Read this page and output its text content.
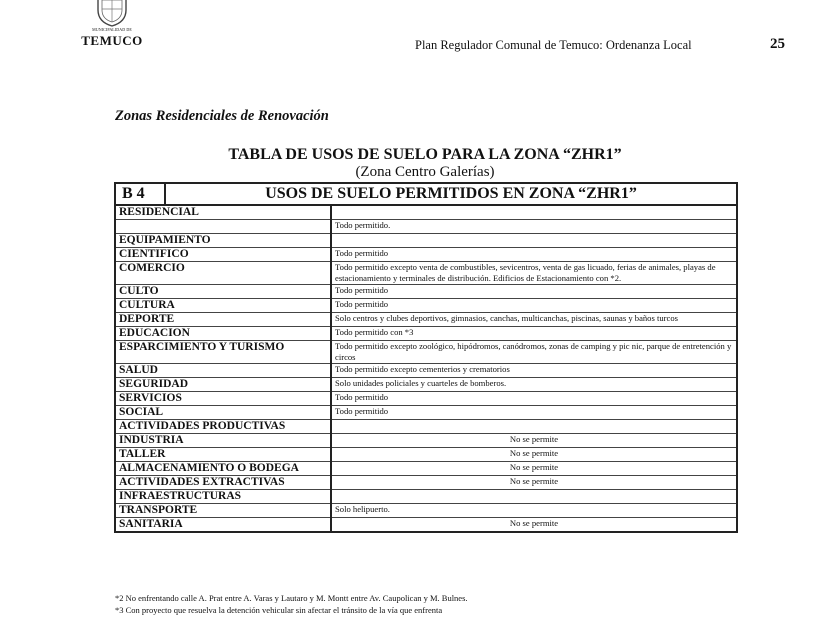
MUNICIPALIDAD DE
TEMUCO	Plan Regulador Comunal de Temuco: Ordenanza Local	25
Zonas Residenciales de Renovación
TABLA DE USOS DE SUELO PARA LA ZONA “ZHR1”
(Zona Centro Galerías)
B 4 USOS DE SUELO PERMITIDOS EN ZONA “ZHR1”	

RESIDENCIAL	
	Todo permitido.
EQUIPAMIENTO	
CIENTIFICO	Todo permitido
COMERCIO	Todo permitido excepto venta de combustibles, sevicentros, venta de gas licuado, ferias de animales, playas de estacionamiento y terminales de distribución. Edificios de Estacionamiento con *2.
CULTO	Todo permitido
CULTURA	Todo permitido
DEPORTE	Solo centros y clubes deportivos, gimnasios, canchas, multicanchas, piscinas, saunas y baños turcos
EDUCACION	Todo permitido con *3
ESPARCIMIENTO Y TURISMO	Todo permitido excepto zoológico, hipódromos, canódromos, zonas de camping y pic nic, parque de entretención y circos
SALUD	Todo permitido excepto cementerios y crematorios
SEGURIDAD	Solo unidades policiales y cuarteles de bomberos.
SERVICIOS	Todo permitido
SOCIAL	Todo permitido
ACTIVIDADES PRODUCTIVAS	
INDUSTRIA	No se permite
TALLER	No se permite
ALMACENAMIENTO O BODEGA	No se permite
ACTIVIDADES EXTRACTIVAS	No se permite
INFRAESTRUCTURAS	
TRANSPORTE	Solo helipuerto.
SANITARIA	No se permite
*2 No enfrentando calle A. Prat entre A. Varas y Lautaro y M. Montt entre Av. Caupolican y M. Bulnes.
*3 Con proyecto que resuelva la detención vehicular sin afectar el tránsito de la vía que enfrenta
